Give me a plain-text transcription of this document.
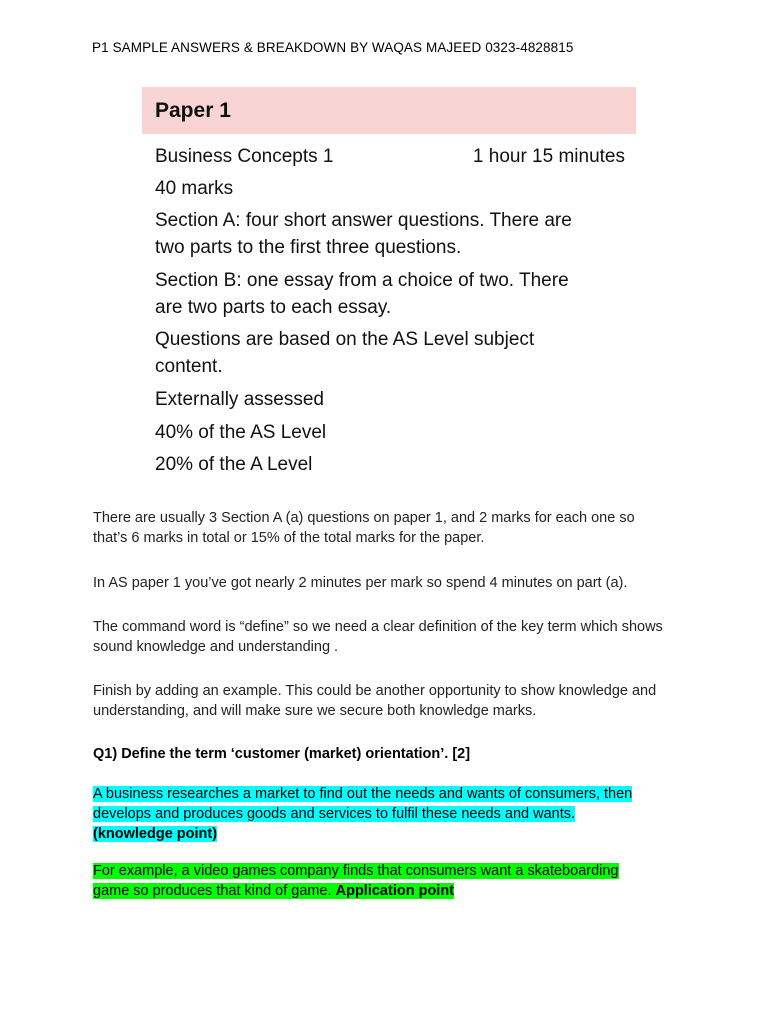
P1 SAMPLE ANSWERS & BREAKDOWN BY WAQAS MAJEED 0323-4828815
Paper 1
Business Concepts 1	1 hour 15 minutes
40 marks
Section A: four short answer questions. There are
two parts to the first three questions.
Section B: one essay from a choice of two. There
are two parts to each essay.
Questions are based on the AS Level subject
content.
Externally assessed
40% of the AS Level
20% of the A Level
There are usually 3 Section A (a) questions on paper 1, and 2 marks for each one so that’s 6 marks in total or 15% of the total marks for the paper.
In AS paper 1 you’ve got nearly 2 minutes per mark so spend 4 minutes on part (a).
The command word is “define” so we need a clear definition of the key term which shows sound knowledge and understanding .
Finish by adding an example. This could be another opportunity to show knowledge and understanding, and will make sure we secure both knowledge marks.
Q1) Define the term ‘customer (market) orientation’. [2]
A business researches a market to find out the needs and wants of consumers, then
develops and produces goods and services to fulfil these needs and wants.
(knowledge point)
For example, a video games company finds that consumers want a skateboarding
game so produces that kind of game. Application point
